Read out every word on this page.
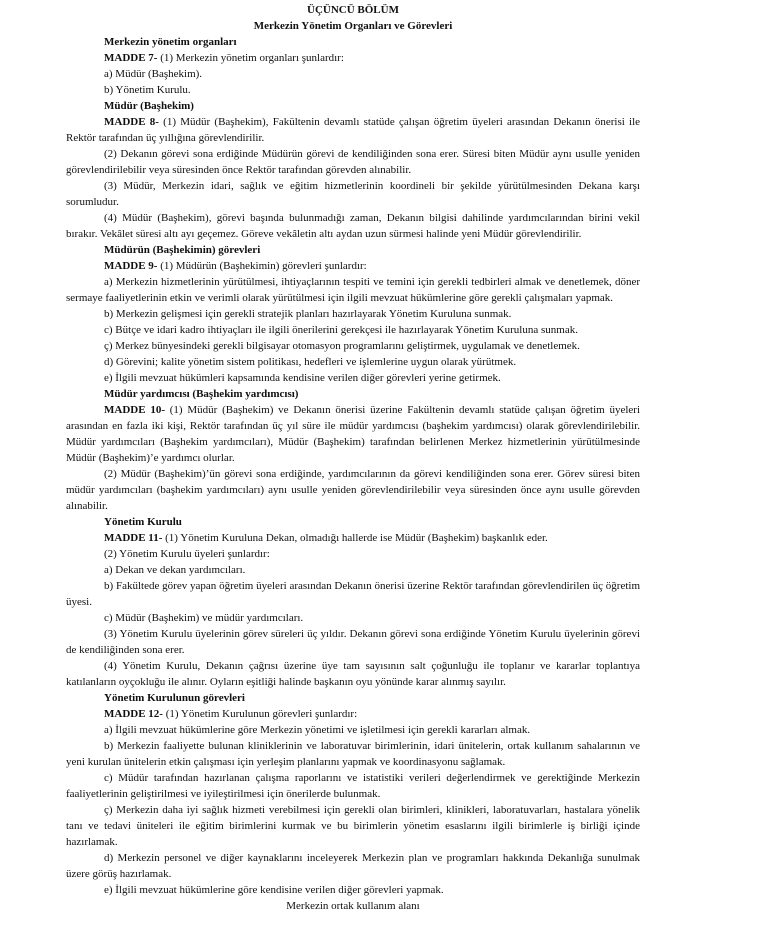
ÜÇÜNCÜ BÖLÜM
Merkezin Yönetim Organları ve Görevleri
Merkezin yönetim organları
MADDE 7- (1) Merkezin yönetim organları şunlardır:
a) Müdür (Başhekim).
b) Yönetim Kurulu.
Müdür (Başhekim)
MADDE 8- (1) Müdür (Başhekim), Fakültenin devamlı statüde çalışan öğretim üyeleri arasından Dekanın önerisi ile Rektör tarafından üç yıllığına görevlendirilir.
(2) Dekanın görevi sona erdiğinde Müdürün görevi de kendiliğinden sona erer. Süresi biten Müdür aynı usulle yeniden görevlendirilebilir veya süresinden önce Rektör tarafından görevden alınabilir.
(3) Müdür, Merkezin idari, sağlık ve eğitim hizmetlerinin koordineli bir şekilde yürütülmesinden Dekana karşı sorumludur.
(4) Müdür (Başhekim), görevi başında bulunmadığı zaman, Dekanın bilgisi dahilinde yardımcılarından birini vekil bırakır. Vekâlet süresi altı ayı geçemez. Göreve vekâletin altı aydan uzun sürmesi halinde yeni Müdür görevlendirilir.
Müdürün (Başhekimin) görevleri
MADDE 9- (1) Müdürün (Başhekimin) görevleri şunlardır:
a) Merkezin hizmetlerinin yürütülmesi, ihtiyaçlarının tespiti ve temini için gerekli tedbirleri almak ve denetlemek, döner sermaye faaliyetlerinin etkin ve verimli olarak yürütülmesi için ilgili mevzuat hükümlerine göre gerekli çalışmaları yapmak.
b) Merkezin gelişmesi için gerekli stratejik planları hazırlayarak Yönetim Kuruluna sunmak.
c) Bütçe ve idari kadro ihtiyaçları ile ilgili önerilerini gerekçesi ile hazırlayarak Yönetim Kuruluna sunmak.
ç) Merkez bünyesindeki gerekli bilgisayar otomasyon programlarını geliştirmek, uygulamak ve denetlemek.
d) Görevini; kalite yönetim sistem politikası, hedefleri ve işlemlerine uygun olarak yürütmek.
e) İlgili mevzuat hükümleri kapsamında kendisine verilen diğer görevleri yerine getirmek.
Müdür yardımcısı (Başhekim yardımcısı)
MADDE 10- (1) Müdür (Başhekim) ve Dekanın önerisi üzerine Fakültenin devamlı statüde çalışan öğretim üyeleri arasından en fazla iki kişi, Rektör tarafından üç yıl süre ile müdür yardımcısı (başhekim yardımcısı) olarak görevlendirilebilir. Müdür yardımcıları (Başhekim yardımcıları), Müdür (Başhekim) tarafından belirlenen Merkez hizmetlerinin yürütülmesinde Müdür (Başhekim)’e yardımcı olurlar.
(2) Müdür (Başhekim)’ün görevi sona erdiğinde, yardımcılarının da görevi kendiliğinden sona erer. Görev süresi biten müdür yardımcıları (başhekim yardımcıları) aynı usulle yeniden görevlendirilebilir veya süresinden önce aynı usulle görevden alınabilir.
Yönetim Kurulu
MADDE 11- (1) Yönetim Kuruluna Dekan, olmadığı hallerde ise Müdür (Başhekim) başkanlık eder.
(2) Yönetim Kurulu üyeleri şunlardır:
a) Dekan ve dekan yardımcıları.
b) Fakültede görev yapan öğretim üyeleri arasından Dekanın önerisi üzerine Rektör tarafından görevlendirilen üç öğretim üyesi.
c) Müdür (Başhekim) ve müdür yardımcıları.
(3) Yönetim Kurulu üyelerinin görev süreleri üç yıldır. Dekanın görevi sona erdiğinde Yönetim Kurulu üyelerinin görevi de kendiliğinden sona erer.
(4) Yönetim Kurulu, Dekanın çağrısı üzerine üye tam sayısının salt çoğunluğu ile toplanır ve kararlar toplantıya katılanların oyçokluğu ile alınır. Oyların eşitliği halinde başkanın oyu yönünde karar alınmış sayılır.
Yönetim Kurulunun görevleri
MADDE 12- (1) Yönetim Kurulunun görevleri şunlardır:
a) İlgili mevzuat hükümlerine göre Merkezin yönetimi ve işletilmesi için gerekli kararları almak.
b) Merkezin faaliyette bulunan kliniklerinin ve laboratuvar birimlerinin, idari ünitelerin, ortak kullanım sahalarının ve yeni kurulan ünitelerin etkin çalışması için yerleşim planlarını yapmak ve koordinasyonu sağlamak.
c) Müdür tarafından hazırlanan çalışma raporlarını ve istatistiki verileri değerlendirmek ve gerektiğinde Merkezin faaliyetlerinin geliştirilmesi ve iyileştirilmesi için önerilerde bulunmak.
ç) Merkezin daha iyi sağlık hizmeti verebilmesi için gerekli olan birimleri, klinikleri, laboratuvarları, hastalara yönelik tanı ve tedavi üniteleri ile eğitim birimlerini kurmak ve bu birimlerin yönetim esaslarını ilgili birimlerle iş birliği içinde hazırlamak.
d) Merkezin personel ve diğer kaynaklarını inceleyerek Merkezin plan ve programları hakkında Dekanlığa sunulmak üzere görüş hazırlamak.
e) İlgili mevzuat hükümlerine göre kendisine verilen diğer görevleri yapmak.
Merkezin ortak kullanım alanı
